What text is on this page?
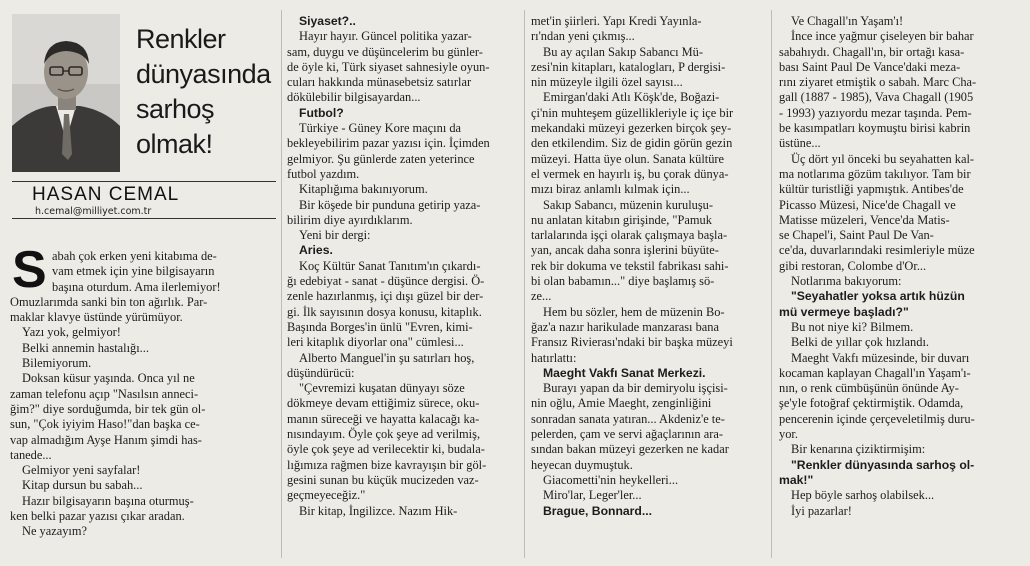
Renkler
dünyasında
sarhoş
olmak!
HASAN CEMAL
h.cemal@milliyet.com.tr
S abah çok erken yeni kitabıma de-
vam etmek için yine bilgisayarın
başına oturdum. Ama ilerlemiyor!
Omuzlarımda sanki bin ton ağırlık. Par-
maklar klavye üstünde yürümüyor.
Yazı yok, gelmiyor!
Belki annemin hastalığı...
Bilemiyorum.
Doksan küsur yaşında. Onca yıl ne
zaman telefonu açıp "Nasılsın anneci-
ğim?" diye sorduğumda, bir tek gün ol-
sun, "Çok iyiyim Haso!"dan başka ce-
vap almadığım Ayşe Hanım şimdi has-
tanede...
Gelmiyor yeni sayfalar!
Kitap dursun bu sabah...
Hazır bilgisayarın başına oturmuş-
ken belki pazar yazısı çıkar aradan.
Ne yazayım?
Siyaset?..
Hayır hayır. Güncel politika yazar-
sam, duygu ve düşüncelerim bu günler-
de öyle ki, Türk siyaset sahnesiyle oyun-
cuları hakkında münasebetsiz satırlar
dökülebilir bilgisayardan...
Futbol?
Türkiye - Güney Kore maçını da
bekleyebilirim pazar yazısı için. İçimden
gelmiyor. Şu günlerde zaten yeterince
futbol yazdım.
Kitaplığıma bakınıyorum.
Bir köşede bir punduna getirip yaza-
bilirim diye ayırdıklarım.
Yeni bir dergi:
Aries.
Koç Kültür Sanat Tanıtım'ın çıkardı-
ğı edebiyat - sanat - düşünce dergisi. Ö-
zenle hazırlanmış, içi dışı güzel bir der-
gi. İlk sayısının dosya konusu, kitaplık.
Başında Borges'in ünlü "Evren, kimi-
leri kitaplık diyorlar ona" cümlesi...
Alberto Manguel'in şu satırları hoş,
düşündürücü:
"Çevremizi kuşatan dünyayı söze
dökmeye devam ettiğimiz sürece, oku-
manın süreceği ve hayatta kalacağı ka-
nısındayım. Öyle çok şeye ad verilmiş,
öyle çok şeye ad verilecektir ki, budala-
lığımıza rağmen bize kavrayışın bir göl-
gesini sunan bu küçük mucizeden vaz-
geçmeyeceğiz."
Bir kitap, İngilizce. Nazım Hik-
met'in şiirleri. Yapı Kredi Yayınla-
rı'ndan yeni çıkmış...
Bu ay açılan Sakıp Sabancı Mü-
zesi'nin kitapları, katalogları, P dergisi-
nin müzeyle ilgili özel sayısı...
Emirgan'daki Atlı Köşk'de, Boğazi-
çi'nin muhteşem güzellikleriyle iç içe bir
mekandaki müzeyi gezerken birçok şey-
den etkilendim. Siz de gidin görün gezin
müzeyi. Hatta üye olun. Sanata kültüre
el vermek en hayırlı iş, bu çorak dünya-
mızı biraz anlamlı kılmak için...
Sakıp Sabancı, müzenin kuruluşu-
nu anlatan kitabın girişinde, "Pamuk
tarlalarında işçi olarak çalışmaya başla-
yan, ancak daha sonra işlerini büyüte-
rek bir dokuma ve tekstil fabrikası sahi-
bi olan babamın..." diye başlamış sö-
ze...
Hem bu sözler, hem de müzenin Bo-
ğaz'a nazır harikulade manzarası bana
Fransız Rivierası'ndaki bir başka müzeyi
hatırlattı:
Maeght Vakfı Sanat Merkezi.
Burayı yapan da bir demiryolu işçisi-
nin oğlu, Amie Maeght, zenginliğini
sonradan sanata yatıran... Akdeniz'e te-
pelerden, çam ve servi ağaçlarının ara-
sından bakan müzeyi gezerken ne kadar
heyecan duymuştuk.
Giacometti'nin heykelleri...
Miro'lar, Leger'ler...
Brague, Bonnard...
Ve Chagall'ın Yaşam'ı!
İnce ince yağmur çiseleyen bir bahar
sabahıydı. Chagall'ın, bir ortağı kasa-
bası Saint Paul De Vance'daki meza-
rını ziyaret etmiştik o sabah. Marc Cha-
gall (1887 - 1985), Vava Chagall (1905
- 1993) yazıyordu mezar taşında. Pem-
be kasımpatları koymuştu birisi kabrin
üstüne...
Üç dört yıl önceki bu seyahatten kal-
ma notlarıma gözüm takılıyor. Tam bir
kültür turistliği yapmıştık. Antibes'de
Picasso Müzesi, Nice'de Chagall ve
Matisse müzeleri, Vence'da Matis-
se Chapel'i, Saint Paul De Van-
ce'da, duvarlarındaki resimleriyle müze
gibi restoran, Colombe d'Or...
Notlarıma bakıyorum:
"Seyahatler yoksa artık hüzün
mü vermeye başladı?"
Bu not niye ki? Bilmem.
Belki de yıllar çok hızlandı.
Maeght Vakfı müzesinde, bir duvarı
kocaman kaplayan Chagall'ın Yaşam'ı-
nın, o renk cümbüşünün önünde Ay-
şe'yle fotoğraf çektirmiştik. Odamda,
pencerenin içinde çerçeveletilmiş duru-
yor.
Bir kenarına çiziktirmişim:
"Renkler dünyasında sarhoş ol-
mak!"
Hep böyle sarhoş olabilsek...
İyi pazarlar!
